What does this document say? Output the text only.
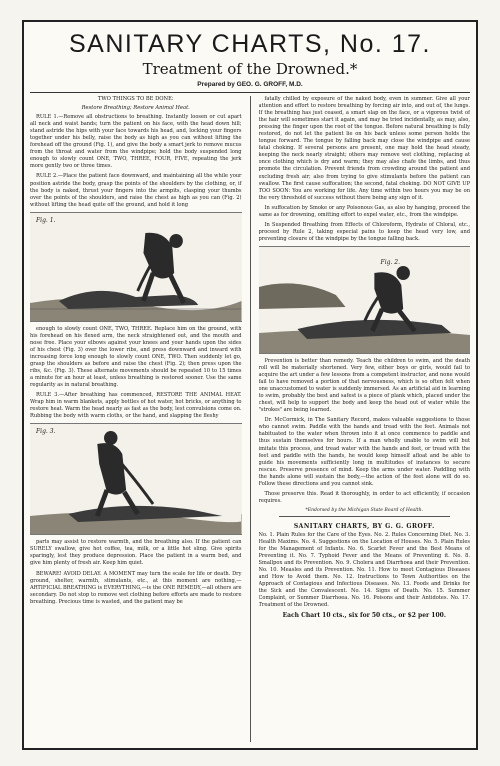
SANITARY CHARTS, No. 17.
Treatment of the Drowned.*
Prepared by GEO. G. GROFF, M.D.

TWO THINGS TO BE DONE:

Restore Breathing; Restore Animal Heat.

RULE 1.—Remove all obstructions to breathing. Instantly loosen or cut apart all neck and waist bands; turn the patient on his face, with the head down hill; stand astride the hips with your face towards his head, and, locking your fingers together under his belly, raise the body as high as you can without lifting the forehead off the ground (Fig. 1), and give the body a smart jerk to remove mucus from the throat and water from the windpipe; hold the body suspended long enough to slowly count ONE, TWO, THREE, FOUR, FIVE, repeating the jerk more gently two or three times.

RULE 2.—Place the patient face downward, and maintaining all the while your position astride the body, grasp the points of the shoulders by the clothing, or, if the body is naked, thrust your fingers into the armpits, clasping your thumbs over the points of the shoulders, and raise the chest as high as you can (Fig. 2) without lifting the head quite off the ground, and hold it long

Fig. 1.

enough to slowly count ONE, TWO, THREE. Replace him on the ground, with his forehead on his flexed arm, the neck straightened out, and the mouth and nose free. Place your elbows against your knees and your hands upon the sides of his chest (Fig. 3) over the lower ribs, and press downward and inward with increasing force long enough to slowly count ONE, TWO. Then suddenly let go, grasp the shoulders as before and raise the chest (Fig. 2); then press upon the ribs, &c. (Fig. 3). These alternate movements should be repeated 10 to 15 times a minute for an hour at least, unless breathing is restored sooner. Use the same regularity as in natural breathing.

RULE 3.—After breathing has commenced, RESTORE THE ANIMAL HEAT. Wrap him in warm blankets, apply bottles of hot water, hot bricks, or anything to restore heat. Warm the head nearly as fast as the body, lest convulsions come on. Rubbing the body with warm cloths, or the hand, and slapping the fleshy

Fig. 3.

parts may assist to restore warmth, and the breathing also. If the patient can SURELY swallow, give hot coffee, tea, milk, or a little hot sling. Give spirits sparingly, lest they produce depression. Place the patient in a warm bed, and give him plenty of fresh air. Keep him quiet.

BEWARE! AVOID DELAY. A MOMENT may turn the scale for life or death. Dry ground, shelter, warmth, stimulants, etc., at this moment are nothing,—ARTIFICIAL BREATHING is EVERYTHING,—is the ONE REMEDY,—all others are secondary. Do not stop to remove wet clothing before efforts are made to restore breathing. Precious time is wasted, and the patient may be

fatally chilled by exposure of the naked body, even in summer. Give all your attention and effort to restore breathing by forcing air into, and out of, the lungs. If the breathing has just ceased, a smart slap on the face, or a vigorous twist of the hair will sometimes start it again, and may be tried incidentally, as may, also, pressing the finger upon the root of the tongue. Before natural breathing is fully restored, do not let the patient lie on his back unless some person holds the tongue forward. The tongue by falling back may close the windpipe and cause fatal choking. If several persons are present, one may hold the head steady, keeping the neck nearly straight; others may remove wet clothing, replacing at once clothing which is dry and warm; they may also chafe the limbs, and thus promote the circulation. Prevent friends from crowding around the patient and excluding fresh air; also from trying to give stimulants before the patient can swallow. The first cause suffocation; the second, fatal choking. DO NOT GIVE UP TOO SOON: You are working for life. Any time within two hours you may be on the very threshold of success without there being any sign of it.

In suffocation by Smoke or any Poisonous Gas, as also by hanging, proceed the same as for drowning, omitting effort to expel water, etc., from the windpipe.

In Suspended Breathing from Effects of Chloroform, Hydrate of Chloral, etc., proceed by Rule 2, taking especial pains to keep the head very low, and preventing closure of the windpipe by the tongue falling back.

Fig. 2.

Prevention is better than remedy. Teach the children to swim, and the death roll will be materially shortened. Very few, either boys or girls, would fail to acquire the art under a few lessons from a competent instructor, and none would fail to have removed a portion of that nervousness, which is so often felt when one unaccustomed to water is suddenly immersed. As an artificial aid in learning to swim, probably the best and safest is a piece of plank which, placed under the chest, will help to support the body and keep the head out of water while the "strokes" are being learned.

Dr. McCormick, in The Sanitary Record, makes valuable suggestions to those who cannot swim. Paddle with the hands and tread with the feet. Animals not habituated to the water when thrown into it at once commence to paddle and thus sustain themselves for hours. If a man wholly unable to swim will but imitate this process, and tread water with the hands and feet, or tread with the feet and paddle with the hands, he would keep himself afloat and be able to guide his movements sufficiently long in multitudes of instances to secure rescue. Preserve presence of mind. Keep the arms under water. Paddling with the hands alone will sustain the body,—the action of the feet alone will do so. Follow these directions and you cannot sink.

Those preserve this. Read it thoroughly, in order to act efficiently, if occasion requires.

*Endorsed by the Michigan State Board of Health.
SANITARY CHARTS, BY G. G. GROFF.

No. 1. Plain Rules for the Care of the Eyes. No. 2. Rules Concerning Diet. No. 3. Health Maxims. No. 4. Suggestions on the Location of Houses. No. 5. Plain Rules for the Management of Infants. No. 6. Scarlet Fever and the Best Means of Preventing it. No. 7. Typhoid Fever and the Means of Preventing it. No. 8. Smallpox and its Prevention. No. 9. Cholera and Diarrhoea and their Prevention. No. 10. Measles and its Prevention. No. 11. How to meet Contagious Diseases and How to Avoid them. No. 12. Instructions to Town Authorities on the Approach of Contagious and Infectious Diseases. No. 13. Foods and Drinks for the Sick and the Convalescent. No. 14. Signs of Death. No. 15. Summer Complaint, or Summer Diarrhoea. No. 16. Poisons and their Antidotes. No. 17. Treatment of the Drowned.

Each Chart 10 cts., six for 50 cts., or $2 per 100.
